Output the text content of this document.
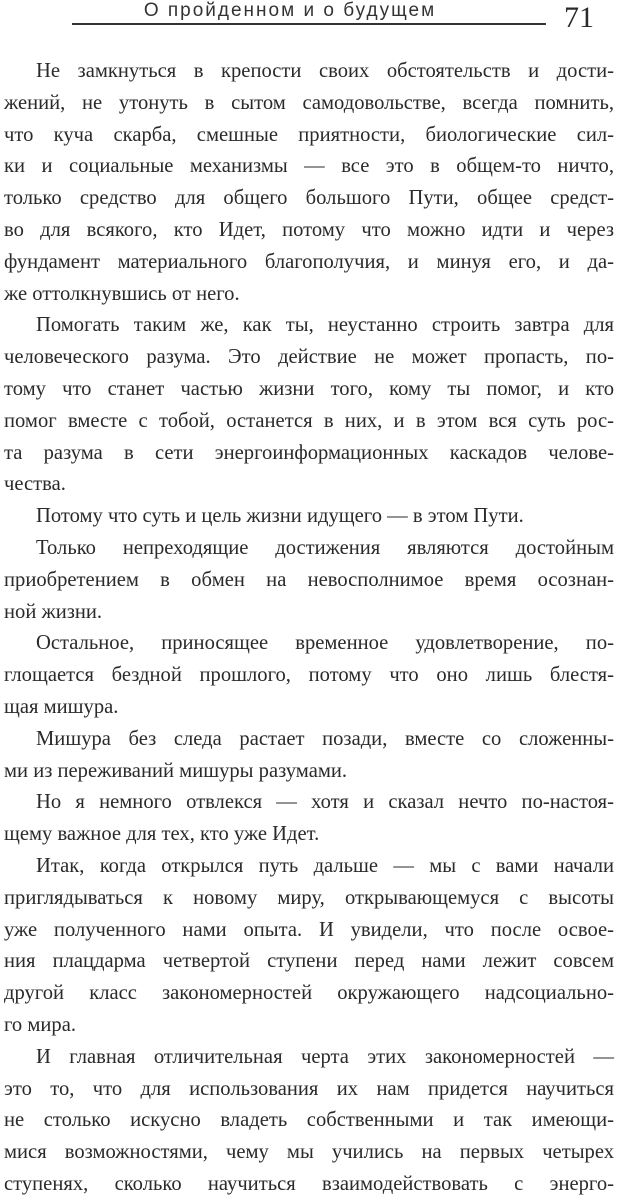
О пройденном и о будущем	71
Не замкнуться в крепости своих обстоятельств и дости-
жений, не утонуть в сытом самодовольстве, всегда помнить,
что куча скарба, смешные приятности, биологические сил-
ки и социальные механизмы — все это в общем-то ничто,
только средство для общего большого Пути, общее средст-
во для всякого, кто Идет, потому что можно идти и через
фундамент материального благополучия, и минуя его, и да-
же оттолкнувшись от него.
Помогать таким же, как ты, неустанно строить завтра для
человеческого разума. Это действие не может пропасть, по-
тому что станет частью жизни того, кому ты помог, и кто
помог вместе с тобой, останется в них, и в этом вся суть рос-
та разума в сети энергоинформационных каскадов челове-
чества.
Потому что суть и цель жизни идущего — в этом Пути.
Только непреходящие достижения являются достойным
приобретением в обмен на невосполнимое время осознан-
ной жизни.
Остальное, приносящее временное удовлетворение, по-
глощается бездной прошлого, потому что оно лишь блестя-
щая мишура.
Мишура без следа растает позади, вместе со сложенны-
ми из переживаний мишуры разумами.
Но я немного отвлекся — хотя и сказал нечто по-настоя-
щему важное для тех, кто уже Идет.
Итак, когда открылся путь дальше — мы с вами начали
приглядываться к новому миру, открывающемуся с высоты
уже полученного нами опыта. И увидели, что после освое-
ния плацдарма четвертой ступени перед нами лежит совсем
другой класс закономерностей окружающего надсоциально-
го мира.
И главная отличительная черта этих закономерностей —
это то, что для использования их нам придется научиться
не столько искусно владеть собственными и так имеющи-
мися возможностями, чему мы учились на первых четырех
ступенях, сколько научиться взаимодействовать с энерго-
